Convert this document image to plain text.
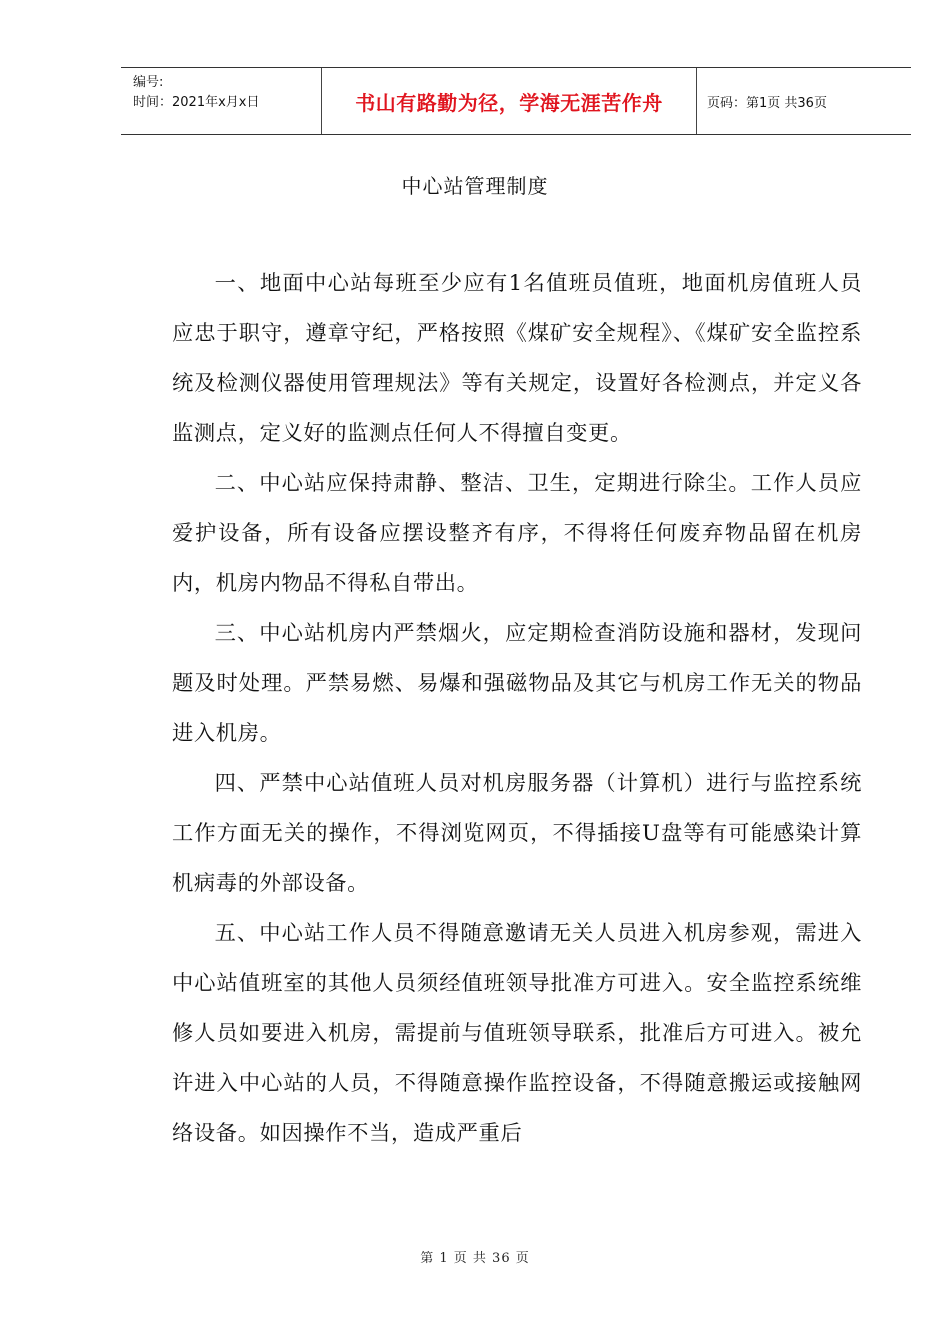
编号:
时间：2021年x月x日	书山有路勤为径，学海无涯苦作舟	页码：第1页 共36页
中心站管理制度

一、地面中心站每班至少应有1名值班员值班，地面机房值班人员应忠于职守，遵章守纪，严格按照《煤矿安全规程》、《煤矿安全监控系统及检测仪器使用管理规法》等有关规定，设置好各检测点，并定义各监测点，定义好的监测点任何人不得擅自变更。

二、中心站应保持肃静、整洁、卫生，定期进行除尘。工作人员应爱护设备，所有设备应摆设整齐有序，不得将任何废弃物品留在机房内，机房内物品不得私自带出。

三、中心站机房内严禁烟火，应定期检查消防设施和器材，发现问题及时处理。严禁易燃、易爆和强磁物品及其它与机房工作无关的物品进入机房。

四、严禁中心站值班人员对机房服务器（计算机）进行与监控系统工作方面无关的操作，不得浏览网页，不得插接U盘等有可能感染计算机病毒的外部设备。

五、中心站工作人员不得随意邀请无关人员进入机房参观，需进入中心站值班室的其他人员须经值班领导批准方可进入。安全监控系统维修人员如要进入机房，需提前与值班领导联系，批准后方可进入。被允许进入中心站的人员，不得随意操作监控设备，不得随意搬运或接触网络设备。如因操作不当，造成严重后

第 1 页 共 36 页
